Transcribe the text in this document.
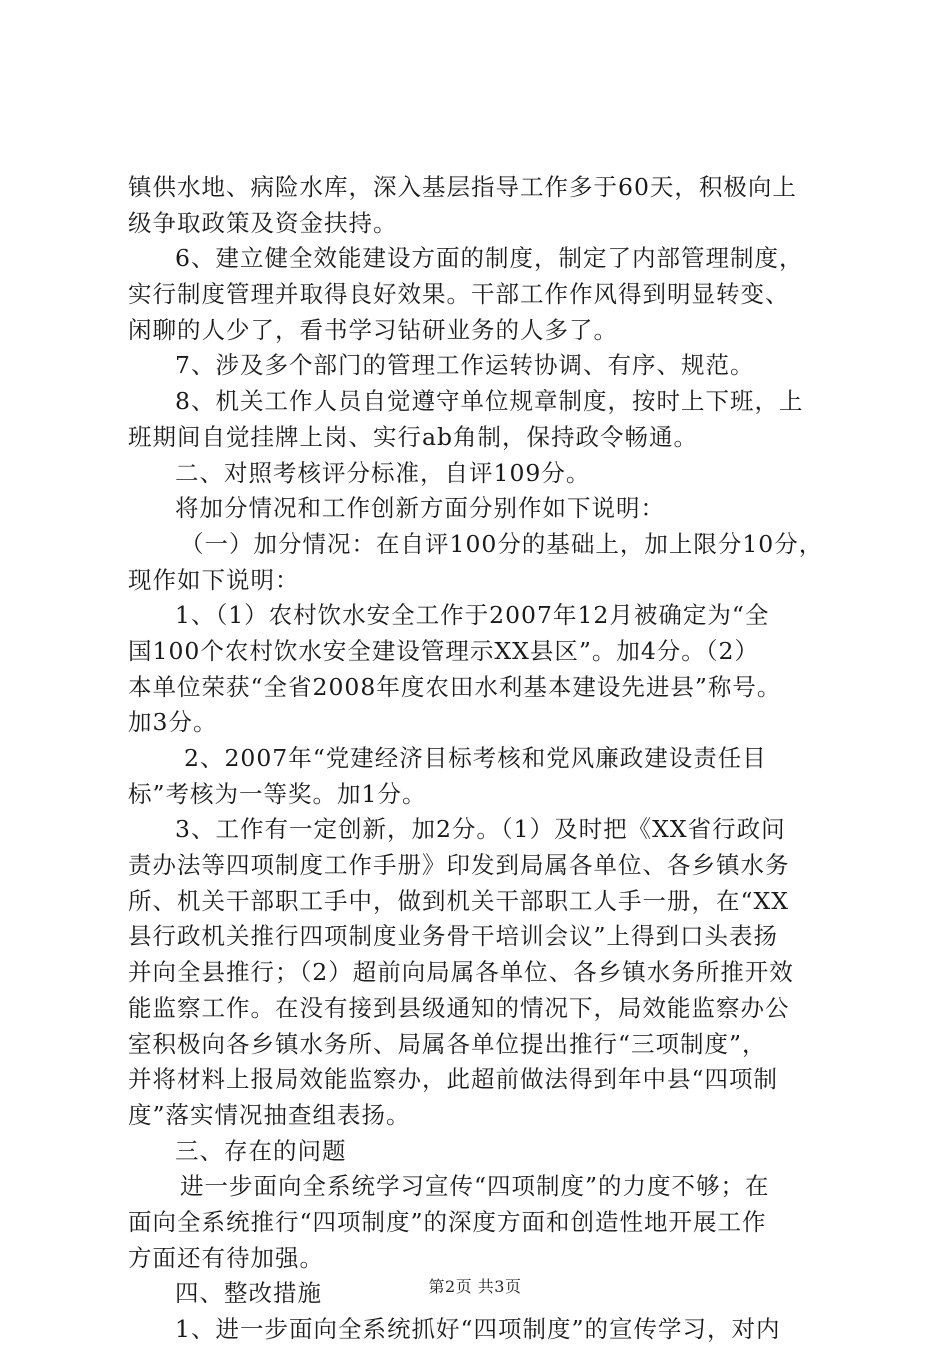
镇供水地、病险水库，深入基层指导工作多于60天，积极向上
级争取政策及资金扶持。
6、建立健全效能建设方面的制度，制定了内部管理制度，
实行制度管理并取得良好效果。干部工作作风得到明显转变、
闲聊的人少了，看书学习钻研业务的人多了。
7、涉及多个部门的管理工作运转协调、有序、规范。
8、机关工作人员自觉遵守单位规章制度，按时上下班，上
班期间自觉挂牌上岗、实行ab角制，保持政令畅通。
二、对照考核评分标准，自评109分。
将加分情况和工作创新方面分别作如下说明：
（一）加分情况：在自评100分的基础上，加上限分10分，
现作如下说明：
1、（1）农村饮水安全工作于2007年12月被确定为“全
国100个农村饮水安全建设管理示XX县区”。加4分。（2）
本单位荣获“全省2008年度农田水利基本建设先进县”称号。
加3分。
2、2007年“党建经济目标考核和党风廉政建设责任目
标”考核为一等奖。加1分。
3、工作有一定创新，加2分。（1）及时把《XX省行政问
责办法等四项制度工作手册》印发到局属各单位、各乡镇水务
所、机关干部职工手中，做到机关干部职工人手一册，在“XX
县行政机关推行四项制度业务骨干培训会议”上得到口头表扬
并向全县推行；（2）超前向局属各单位、各乡镇水务所推开效
能监察工作。在没有接到县级通知的情况下，局效能监察办公
室积极向各乡镇水务所、局属各单位提出推行“三项制度”，
并将材料上报局效能监察办，此超前做法得到年中县“四项制
度”落实情况抽查组表扬。
三、存在的问题
进一步面向全系统学习宣传“四项制度”的力度不够；在
面向全系统推行“四项制度”的深度方面和创造性地开展工作
方面还有待加强。
四、整改措施
1、进一步面向全系统抓好“四项制度”的宣传学习，对内
第2页 共3页
